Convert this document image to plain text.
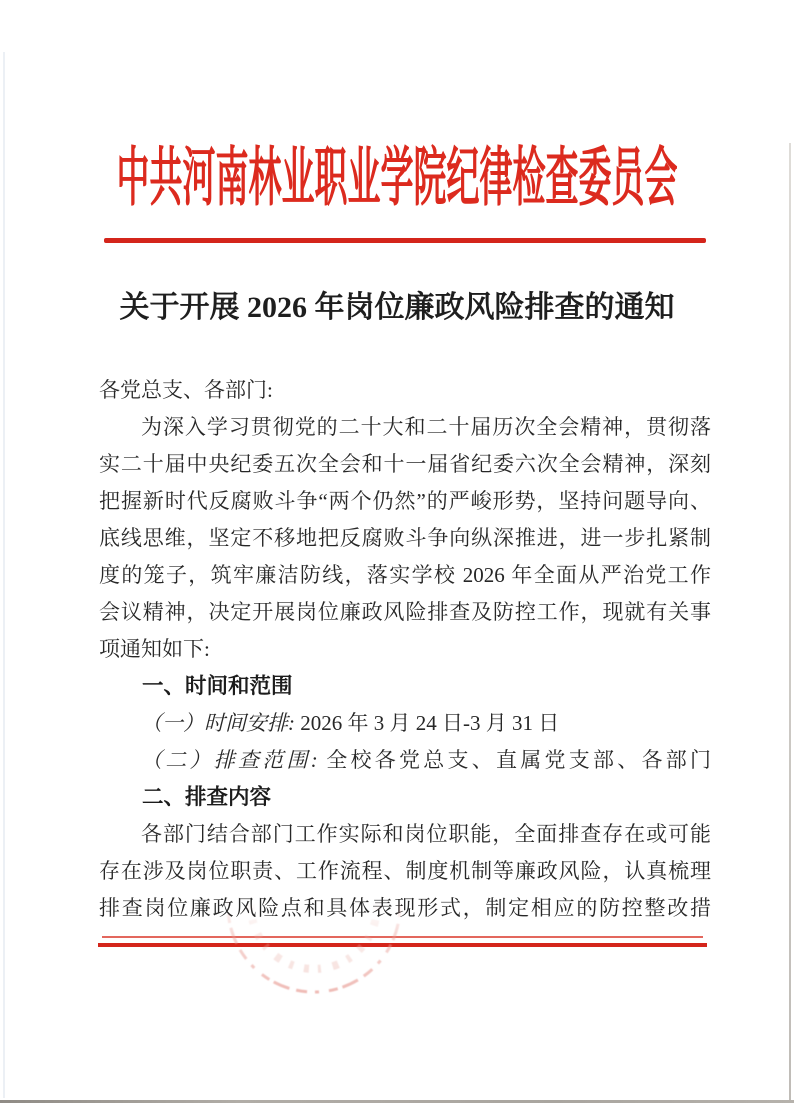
中共河南林业职业学院纪律检查委员会
关于开展 2026 年岗位廉政风险排查的通知
各党总支、各部门:
为深入学习贯彻党的二十大和二十届历次全会精神，贯彻落
实二十届中央纪委五次全会和十一届省纪委六次全会精神，深刻
把握新时代反腐败斗争“两个仍然”的严峻形势，坚持问题导向、
底线思维，坚定不移地把反腐败斗争向纵深推进，进一步扎紧制
度的笼子，筑牢廉洁防线，落实学校 2026 年全面从严治党工作
会议精神，决定开展岗位廉政风险排查及防控工作，现就有关事
项通知如下:
一、时间和范围
（一）时间安排: 2026 年 3 月 24 日-3 月 31 日
（二）排查范围: 全校各党总支、直属党支部、各部门
二、排查内容
各部门结合部门工作实际和岗位职能，全面排查存在或可能
存在涉及岗位职责、工作流程、制度机制等廉政风险，认真梳理
排查岗位廉政风险点和具体表现形式，制定相应的防控整改措
